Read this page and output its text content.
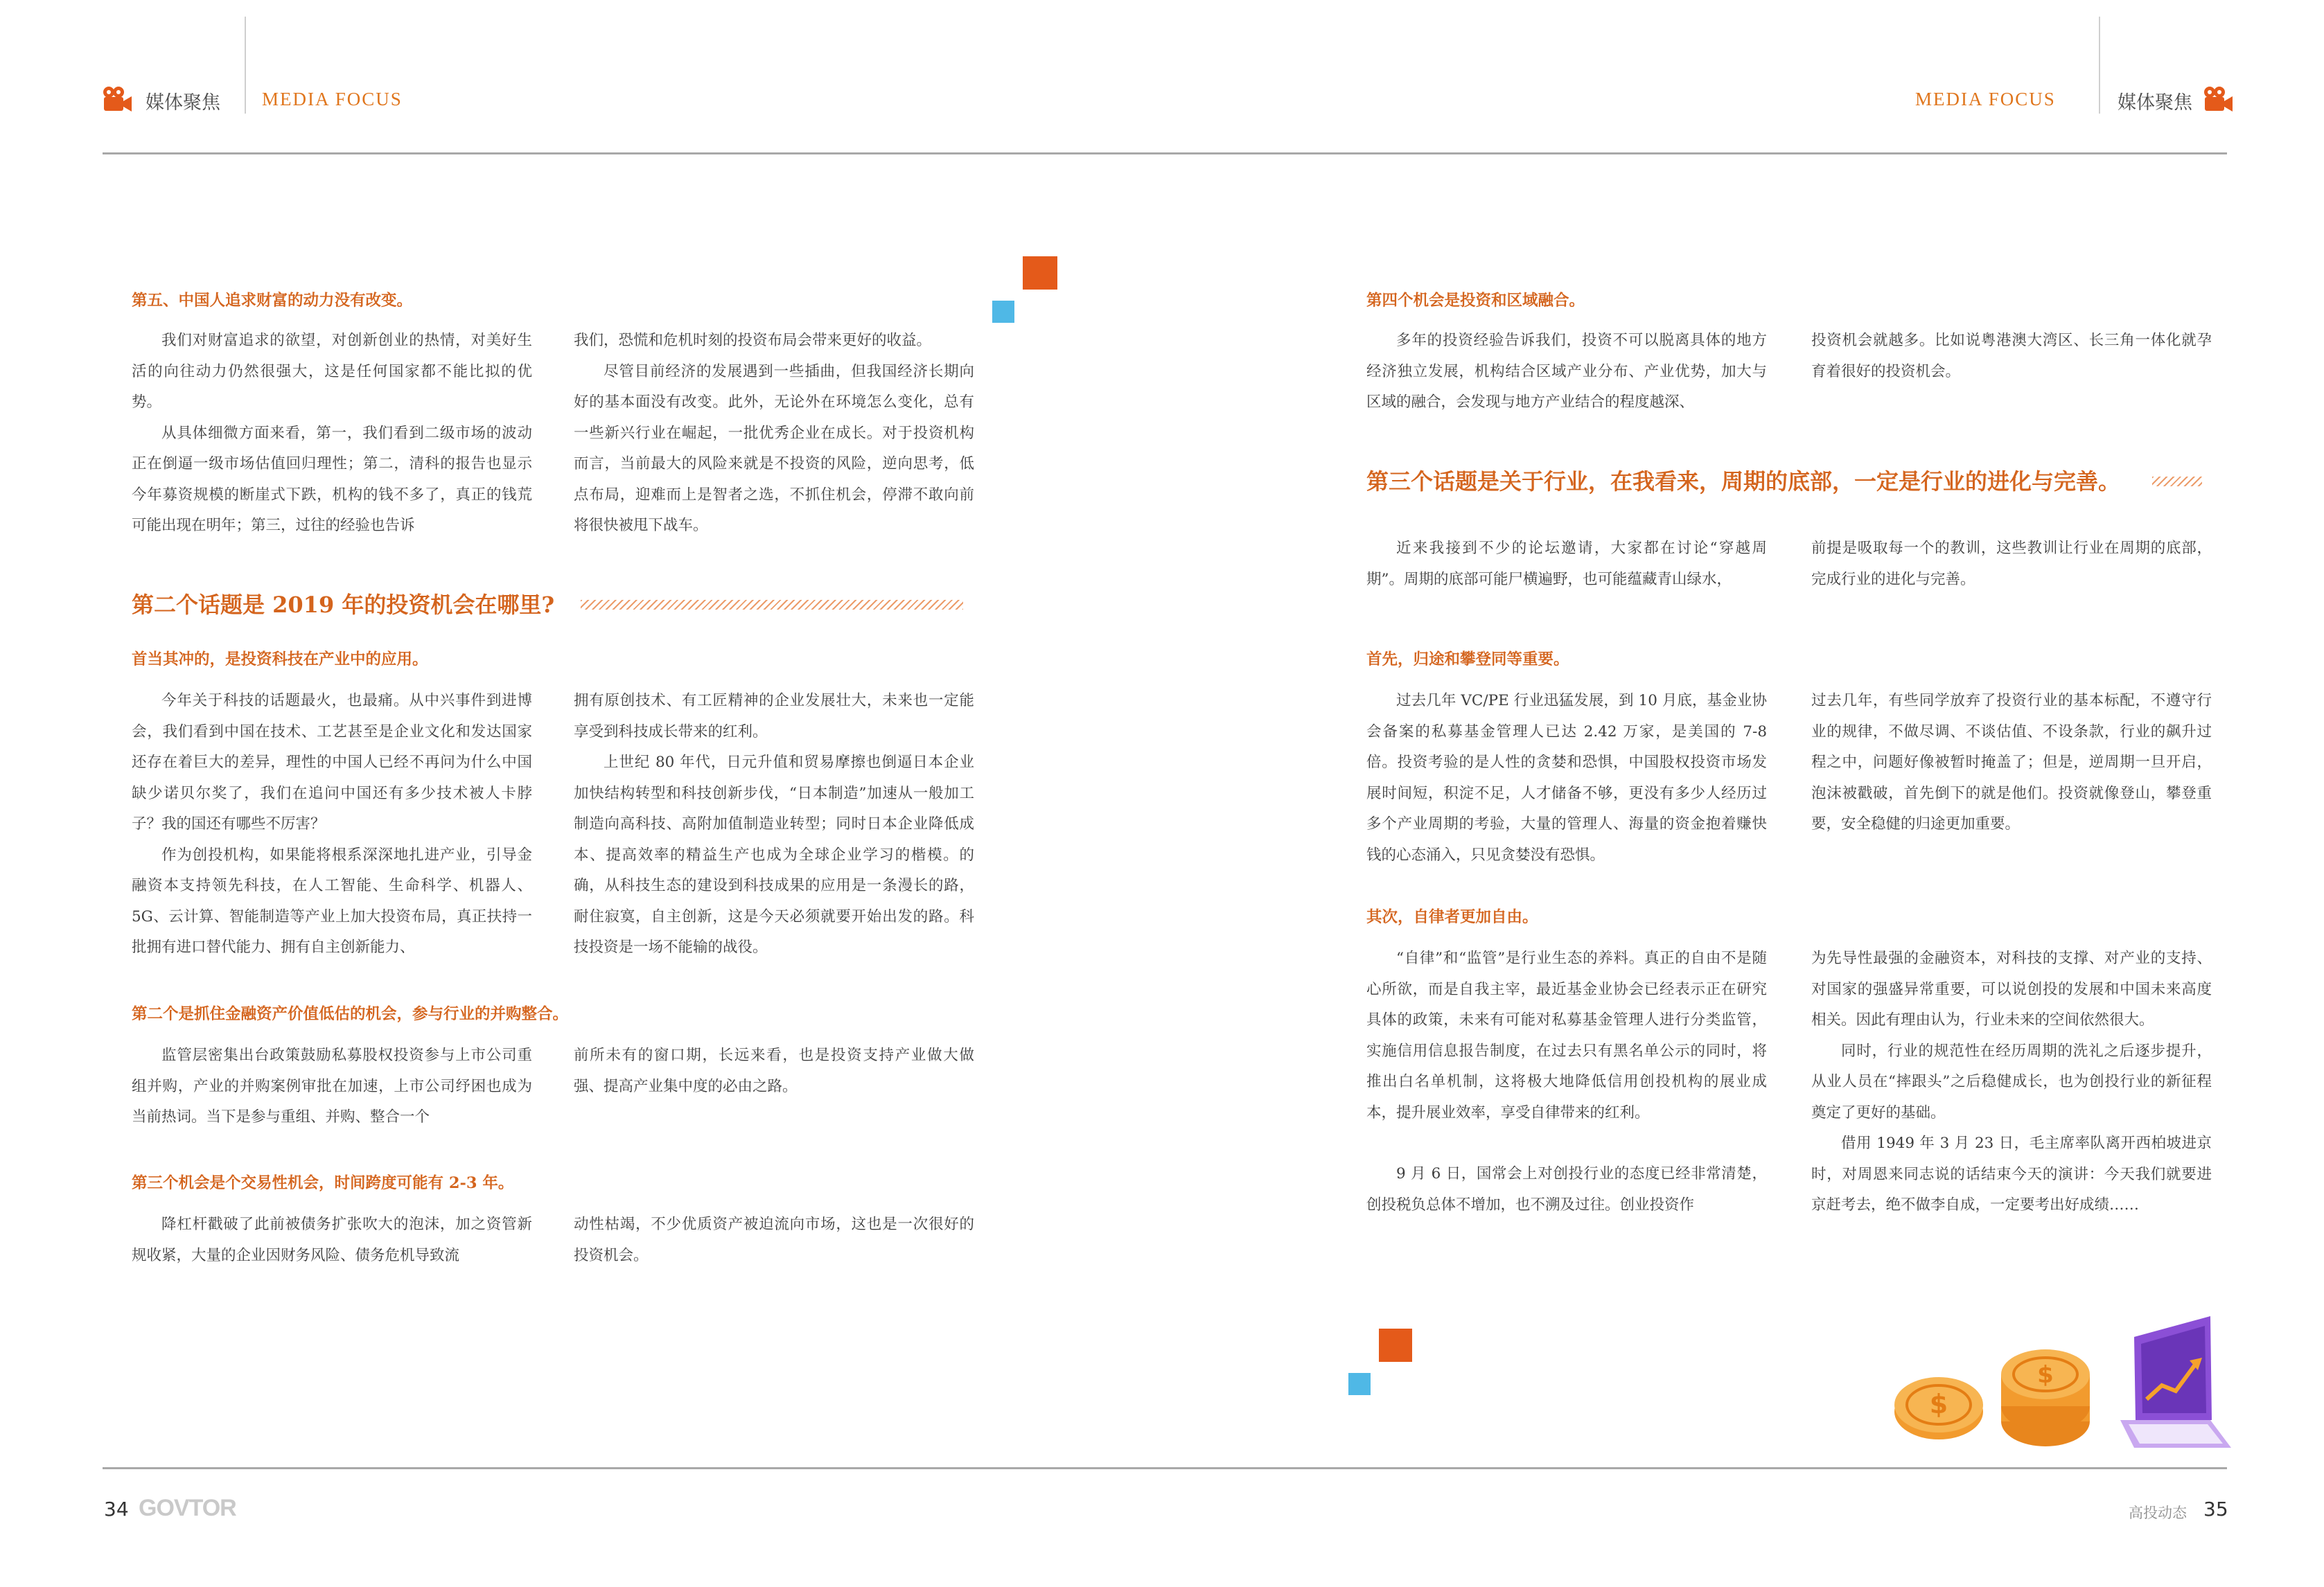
媒体聚焦 MEDIA FOCUS	MEDIA FOCUS	媒体聚焦
第五、中国人追求财富的动力没有改变。

我们对财富追求的欲望，对创新创业的热情，对美好生活的向往动力仍然很强大，这是任何国家都不能比拟的优势。

从具体细微方面来看，第一，我们看到二级市场的波动正在倒逼一级市场估值回归理性；第二，清科的报告也显示今年募资规模的断崖式下跌，机构的钱不多了，真正的钱荒可能出现在明年；第三，过往的经验也告诉

我们，恐慌和危机时刻的投资布局会带来更好的收益。

尽管目前经济的发展遇到一些插曲，但我国经济长期向好的基本面没有改变。此外，无论外在环境怎么变化，总有一些新兴行业在崛起，一批优秀企业在成长。对于投资机构而言，当前最大的风险来就是不投资的风险，逆向思考，低点布局，迎难而上是智者之选，不抓住机会，停滞不敢向前将很快被甩下战车。

第二个话题是 2019 年的投资机会在哪里?
首当其冲的，是投资科技在产业中的应用。

今年关于科技的话题最火，也最痛。从中兴事件到进博会，我们看到中国在技术、工艺甚至是企业文化和发达国家还存在着巨大的差异，理性的中国人已经不再问为什么中国缺少诺贝尔奖了，我们在追问中国还有多少技术被人卡脖子？我的国还有哪些不厉害？

作为创投机构，如果能将根系深深地扎进产业，引导金融资本支持领先科技，在人工智能、生命科学、机器人、5G、云计算、智能制造等产业上加大投资布局，真正扶持一批拥有进口替代能力、拥有自主创新能力、

拥有原创技术、有工匠精神的企业发展壮大，未来也一定能享受到科技成长带来的红利。

上世纪 80 年代，日元升值和贸易摩擦也倒逼日本企业加快结构转型和科技创新步伐，“日本制造”加速从一般加工制造向高科技、高附加值制造业转型；同时日本企业降低成本、提高效率的精益生产也成为全球企业学习的楷模。的确，从科技生态的建设到科技成果的应用是一条漫长的路，耐住寂寞，自主创新，这是今天必须就要开始出发的路。科技投资是一场不能输的战役。

第二个是抓住金融资产价值低估的机会，参与行业的并购整合。

监管层密集出台政策鼓励私募股权投资参与上市公司重组并购，产业的并购案例审批在加速，上市公司纾困也成为当前热词。当下是参与重组、并购、整合一个

前所未有的窗口期，长远来看，也是投资支持产业做大做强、提高产业集中度的必由之路。

第三个机会是个交易性机会，时间跨度可能有 2-3 年。

降杠杆戳破了此前被债务扩张吹大的泡沫，加之资管新规收紧，大量的企业因财务风险、债务危机导致流

动性枯竭，不少优质资产被迫流向市场，这也是一次很好的投资机会。

第四个机会是投资和区域融合。

多年的投资经验告诉我们，投资不可以脱离具体的地方经济独立发展，机构结合区域产业分布、产业优势，加大与区域的融合，会发现与地方产业结合的程度越深、

投资机会就越多。比如说粤港澳大湾区、长三角一体化就孕育着很好的投资机会。

第三个话题是关于行业，在我看来，周期的底部，一定是行业的进化与完善。

近来我接到不少的论坛邀请，大家都在讨论“穿越周期”。周期的底部可能尸横遍野，也可能蕴藏青山绿水，

前提是吸取每一个的教训，这些教训让行业在周期的底部，完成行业的进化与完善。

首先，归途和攀登同等重要。

过去几年 VC/PE 行业迅猛发展，到 10 月底，基金业协会备案的私募基金管理人已达 2.42 万家，是美国的 7-8 倍。投资考验的是人性的贪婪和恐惧，中国股权投资市场发展时间短，积淀不足，人才储备不够，更没有多少人经历过多个产业周期的考验，大量的管理人、海量的资金抱着赚快钱的心态涌入，只见贪婪没有恐惧。

过去几年，有些同学放弃了投资行业的基本标配，不遵守行业的规律，不做尽调、不谈估值、不设条款，行业的飙升过程之中，问题好像被暂时掩盖了；但是，逆周期一旦开启，泡沫被戳破，首先倒下的就是他们。投资就像登山，攀登重要，安全稳健的归途更加重要。

其次，自律者更加自由。

“自律”和“监管”是行业生态的养料。真正的自由不是随心所欲，而是自我主宰，最近基金业协会已经表示正在研究具体的政策，未来有可能对私募基金管理人进行分类监管，实施信用信息报告制度，在过去只有黑名单公示的同时，将推出白名单机制，这将极大地降低信用创投机构的展业成本，提升展业效率，享受自律带来的红利。

9 月 6 日，国常会上对创投行业的态度已经非常清楚，创投税负总体不增加，也不溯及过往。创业投资作

为先导性最强的金融资本，对科技的支撑、对产业的支持、对国家的强盛异常重要，可以说创投的发展和中国未来高度相关。因此有理由认为，行业未来的空间依然很大。

同时，行业的规范性在经历周期的洗礼之后逐步提升，从业人员在“摔跟头”之后稳健成长，也为创投行业的新征程奠定了更好的基础。

借用 1949 年 3 月 23 日，毛主席率队离开西柏坡进京时，对周恩来同志说的话结束今天的演讲：今天我们就要进京赶考去，绝不做李自成，一定要考出好成绩……

$
$
34 GOVTOR	高投动态 35
